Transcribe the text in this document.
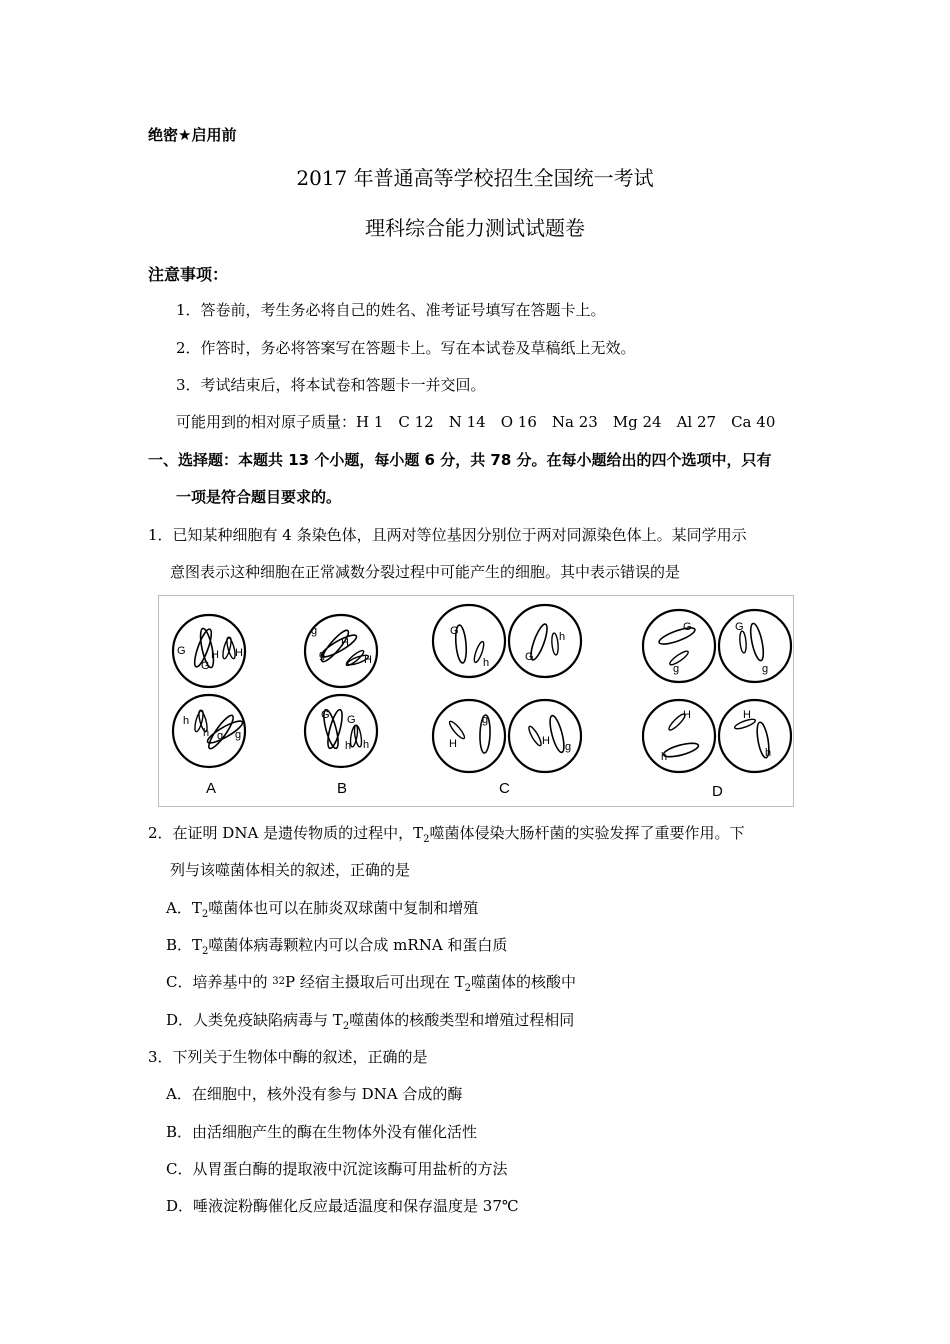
绝密★启用前
2017 年普通高等学校招生全国统一考试
理科综合能力测试试题卷
注意事项：
1．答卷前，考生务必将自己的姓名、准考证号填写在答题卡上。
2．作答时，务必将答案写在答题卡上。写在本试卷及草稿纸上无效。
3．考试结束后，将本试卷和答题卡一并交回。
可能用到的相对原子质量：H 1　C 12　N 14　O 16　Na 23　Mg 24　Al 27　Ca 40
一、选择题：本题共 13 个小题，每小题 6 分，共 78 分。在每小题给出的四个选项中，只有
一项是符合题目要求的。
1．已知某种细胞有 4 条染色体，且两对等位基因分别位于两对同源染色体上。某同学用示
意图表示这种细胞在正常减数分裂过程中可能产生的细胞。其中表示错误的是
G
G
H H
h
h g g
A
g
g
H
H
G G
h h
B
G
h	G
h
H
g
H g
C
G
g
G
g
H
h
H
h
D
2．在证明 DNA 是遗传物质的过程中，$T_2$噬菌体侵染大肠杆菌的实验发挥了重要作用。下
列与该噬菌体相关的叙述，正确的是
A．$T_2$噬菌体也可以在肺炎双球菌中复制和增殖
B．$T_2$噬菌体病毒颗粒内可以合成 mRNA 和蛋白质
C．培养基中的 $^{32}$P 经宿主摄取后可出现在 $T_2$噬菌体的核酸中
D．人类免疫缺陷病毒与 $T_2$噬菌体的核酸类型和增殖过程相同
3．下列关于生物体中酶的叙述，正确的是
A．在细胞中，核外没有参与 DNA 合成的酶
B．由活细胞产生的酶在生物体外没有催化活性
C．从胃蛋白酶的提取液中沉淀该酶可用盐析的方法
D．唾液淀粉酶催化反应最适温度和保存温度是 37℃
